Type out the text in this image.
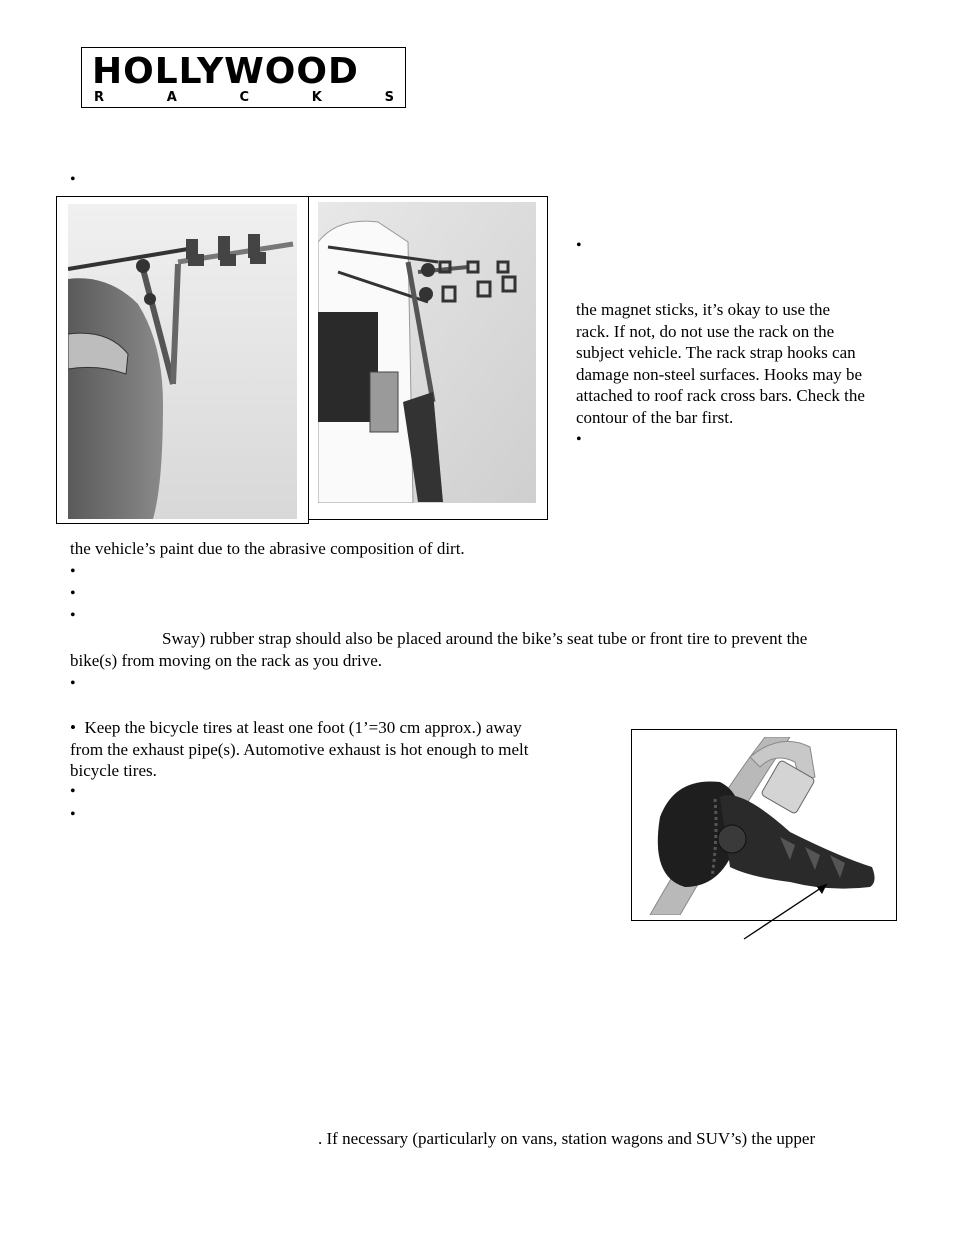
HOLLYWOOD
R	A	C	K	S
•
•
the magnet sticks, it’s okay to use the
rack. If not, do not use the rack on the
subject vehicle. The rack strap hooks can
damage non-steel surfaces. Hooks may be
attached to roof rack cross bars. Check the
contour of the bar first.
•
the vehicle’s paint due to the abrasive composition of dirt.
•
•
•
Sway) rubber strap should also be placed around the bike’s seat tube or front tire to prevent the
bike(s) from moving on the rack as you drive.
•
• Keep the bicycle tires at least one foot (1’=30 cm approx.) away
from the exhaust pipe(s). Automotive exhaust is hot enough to melt
bicycle tires.
•
•
. If necessary (particularly on vans, station wagons and SUV’s) the upper
